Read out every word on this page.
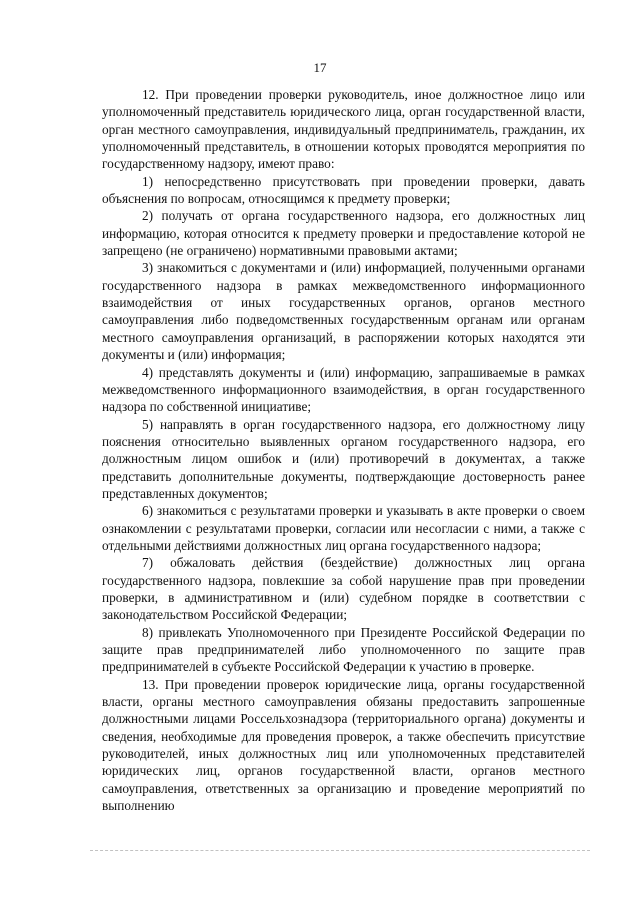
17

12. При проведении проверки руководитель, иное должностное лицо или уполномоченный представитель юридического лица, орган государственной власти, орган местного самоуправления, индивидуальный предприниматель, гражданин, их уполномоченный представитель, в отношении которых проводятся мероприятия по государственному надзору, имеют право:

1) непосредственно присутствовать при проведении проверки, давать объяснения по вопросам, относящимся к предмету проверки;

2) получать от органа государственного надзора, его должностных лиц информацию, которая относится к предмету проверки и предоставление которой не запрещено (не ограничено) нормативными правовыми актами;

3) знакомиться с документами и (или) информацией, полученными органами государственного надзора в рамках межведомственного информационного взаимодействия от иных государственных органов, органов местного самоуправления либо подведомственных государственным органам или органам местного самоуправления организаций, в распоряжении которых находятся эти документы и (или) информация;

4) представлять документы и (или) информацию, запрашиваемые в рамках межведомственного информационного взаимодействия, в орган государственного надзора по собственной инициативе;

5) направлять в орган государственного надзора, его должностному лицу пояснения относительно выявленных органом государственного надзора, его должностным лицом ошибок и (или) противоречий в документах, а также представить дополнительные документы, подтверждающие достоверность ранее представленных документов;

6) знакомиться с результатами проверки и указывать в акте проверки о своем ознакомлении с результатами проверки, согласии или несогласии с ними, а также с отдельными действиями должностных лиц органа государственного надзора;

7) обжаловать действия (бездействие) должностных лиц органа государственного надзора, повлекшие за собой нарушение прав при проведении проверки, в административном и (или) судебном порядке в соответствии с законодательством Российской Федерации;

8) привлекать Уполномоченного при Президенте Российской Федерации по защите прав предпринимателей либо уполномоченного по защите прав предпринимателей в субъекте Российской Федерации к участию в проверке.

13. При проведении проверок юридические лица, органы государственной власти, органы местного самоуправления обязаны предоставить запрошенные должностными лицами Россельхознадзора (территориального органа) документы и сведения, необходимые для проведения проверок, а также обеспечить присутствие руководителей, иных должностных лиц или уполномоченных представителей юридических лиц, органов государственной власти, органов местного самоуправления, ответственных за организацию и проведение мероприятий по выполнению
